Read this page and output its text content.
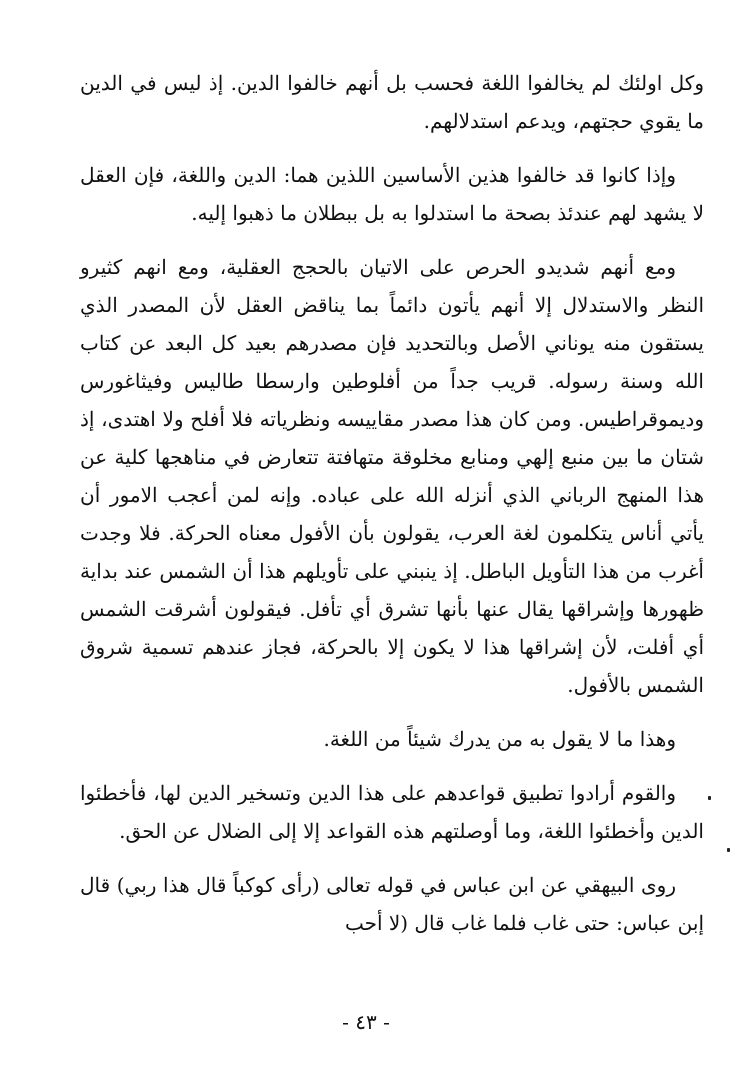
وكل اولئك لم يخالفوا اللغة فحسب بل أنهم خالفوا الدين. إذ ليس في الدين ما يقوي حجتهم، ويدعم استدلالهم.

وإذا كانوا قد خالفوا هذين الأساسين اللذين هما: الدين واللغة، فإن العقل لا يشهد لهم عندئذ بصحة ما استدلوا به بل ببطلان ما ذهبوا إليه.

ومع أنهم شديدو الحرص على الاتيان بالحجج العقلية، ومع انهم كثيرو النظر والاستدلال إلا أنهم يأتون دائماً بما يناقض العقل لأن المصدر الذي يستقون منه يوناني الأصل وبالتحديد فإن مصدرهم بعيد كل البعد عن كتاب الله وسنة رسوله. قريب جداً من أفلوطين وارسطا طاليس وفيثاغورس وديموقراطيس. ومن كان هذا مصدر مقاييسه ونظرياته فلا أفلح ولا اهتدى، إذ شتان ما بين منبع إلهي ومنابع مخلوقة متهافتة تتعارض في مناهجها كلية عن هذا المنهج الرباني الذي أنزله الله على عباده. وإنه لمن أعجب الامور أن يأتي أناس يتكلمون لغة العرب، يقولون بأن الأفول معناه الحركة. فلا وجدت أغرب من هذا التأويل الباطل. إذ ينبني على تأويلهم هذا أن الشمس عند بداية ظهورها وإشراقها يقال عنها بأنها تشرق أي تأفل. فيقولون أشرقت الشمس أي أفلت، لأن إشراقها هذا لا يكون إلا بالحركة، فجاز عندهم تسمية شروق الشمس بالأفول.

وهذا ما لا يقول به من يدرك شيئاً من اللغة.

والقوم أرادوا تطبيق قواعدهم على هذا الدين وتسخير الدين لها، فأخطئوا الدين وأخطئوا اللغة، وما أوصلتهم هذه القواعد إلا إلى الضلال عن الحق.

روى البيهقي عن ابن عباس في قوله تعالى (رأى كوكباً قال هذا ربي) قال إبن عباس: حتى غاب فلما غاب قال (لا أحب

- ٤٣ -
